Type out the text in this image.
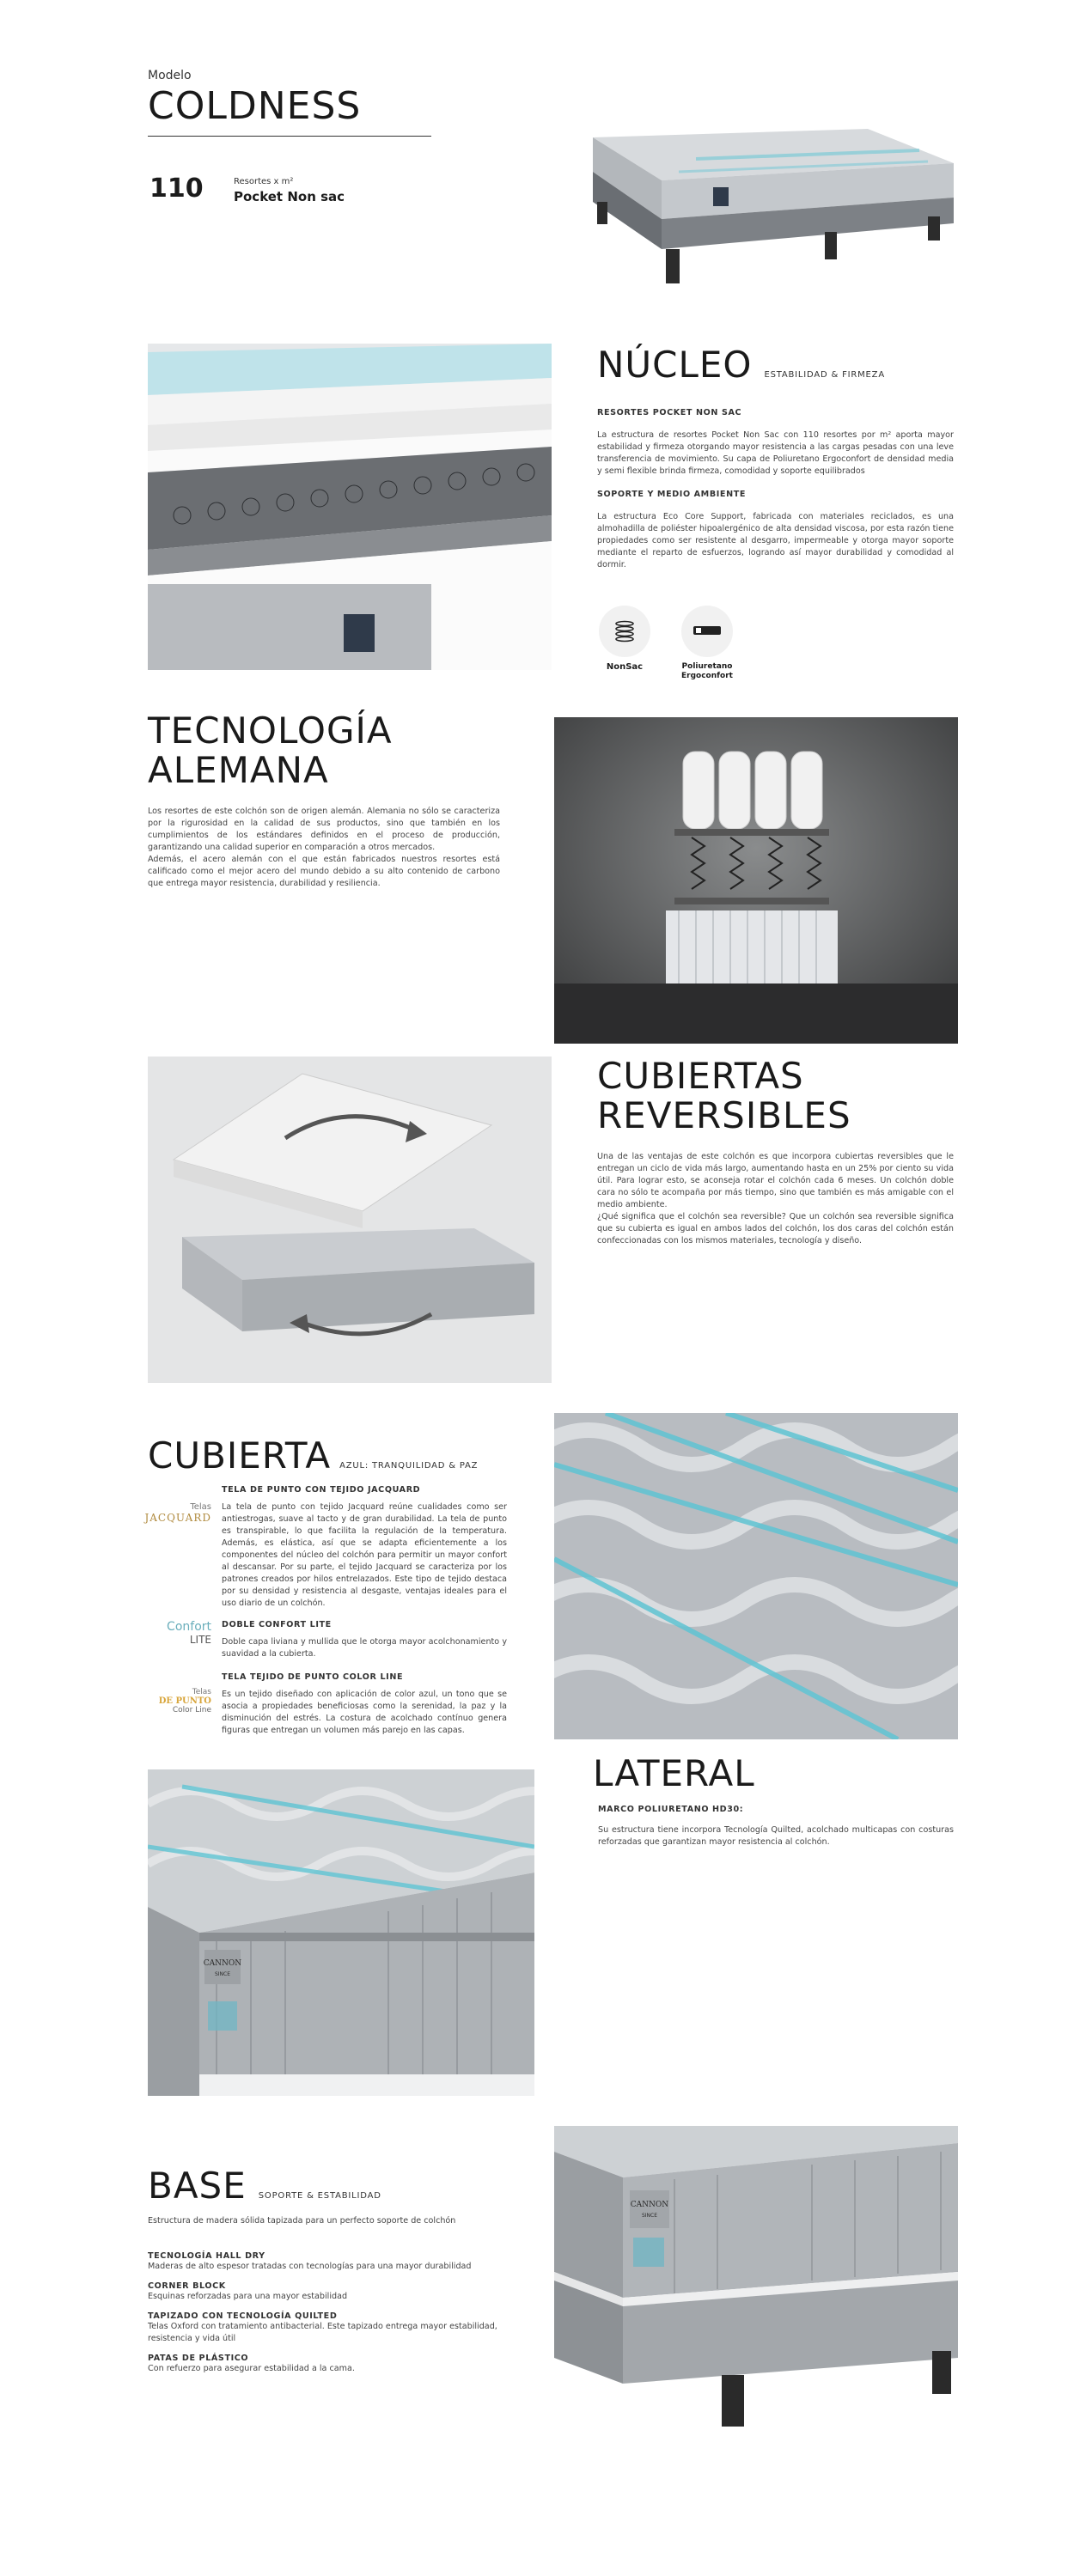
Modelo
COLDNESS
110	Resortes x m²
Pocket Non sac
NÚCLEO ESTABILIDAD & FIRMEZA
RESORTES POCKET NON SAC
La estructura de resortes Pocket Non Sac con 110 resortes por m² aporta mayor estabilidad y firmeza otorgando mayor resistencia a las cargas pesadas con una leve transferencia de movimiento. Su capa de Poliuretano Ergoconfort de densidad media y semi flexible brinda firmeza, comodidad y soporte equilibrados
SOPORTE Y MEDIO AMBIENTE
La estructura Eco Core Support, fabricada con materiales reciclados, es una almohadilla de poliéster hipoalergénico de alta densidad viscosa, por esta razón tiene propiedades como ser resistente al desgarro, impermeable y otorga mayor soporte mediante el reparto de esfuerzos, logrando así mayor durabilidad y comodidad al dormir.
NonSac	Poliuretano
Ergoconfort
TECNOLOGÍA
ALEMANA
Los resortes de este colchón son de origen alemán. Alemania no sólo se caracteriza por la rigurosidad en la calidad de sus productos, sino que también en los cumplimientos de los estándares definidos en el proceso de producción, garantizando una calidad superior en comparación a otros mercados.
Además, el acero alemán con el que están fabricados nuestros resortes está calificado como el mejor acero del mundo debido a su alto contenido de carbono que entrega mayor resistencia, durabilidad y resiliencia.
CUBIERTAS
REVERSIBLES
Una de las ventajas de este colchón es que incorpora cubiertas reversibles que le entregan un ciclo de vida más largo, aumentando hasta en un 25% por ciento su vida útil. Para lograr esto, se aconseja rotar el colchón cada 6 meses. Un colchón doble cara no sólo te acompaña por más tiempo, sino que también es más amigable con el medio ambiente.
¿Qué significa que el colchón sea reversible? Que un colchón sea reversible significa que su cubierta es igual en ambos lados del colchón, los dos caras del colchón están confeccionadas con los mismos materiales, tecnología y diseño.
CUBIERTA AZUL: TRANQUILIDAD & PAZ
Telas
JACQUARD
TELA DE PUNTO CON TEJIDO JACQUARD
La tela de punto con tejido Jacquard reúne cualidades como ser antiestrogas, suave al tacto y de gran durabilidad. La tela de punto es transpirable, lo que facilita la regulación de la temperatura. Además, es elástica, así que se adapta eficientemente a los componentes del núcleo del colchón para permitir un mayor confort al descansar. Por su parte, el tejido Jacquard se caracteriza por los patrones creados por hilos entrelazados. Este tipo de tejido destaca por su densidad y resistencia al desgaste, ventajas ideales para el uso diario de un colchón.
Confort
LITE
DOBLE CONFORT LITE
Doble capa liviana y mullida que le otorga mayor acolchonamiento y suavidad a la cubierta.
Telas
DE PUNTO
Color Line
TELA TEJIDO DE PUNTO COLOR LINE
Es un tejido diseñado con aplicación de color azul, un tono que se asocia a propiedades beneficiosas como la serenidad, la paz y la disminución del estrés. La costura de acolchado contínuo genera figuras que entregan un volumen más parejo en las capas.
CANNON
SINCE
LATERAL
MARCO POLIURETANO HD30:
Su estructura tiene incorpora Tecnología Quilted, acolchado multicapas con costuras reforzadas que garantizan mayor resistencia al colchón.
BASE SOPORTE & ESTABILIDAD
Estructura de madera sólida tapizada para un perfecto soporte de colchón
TECNOLOGÍA HALL DRY
Maderas de alto espesor tratadas con tecnologías para una mayor durabilidad
CORNER BLOCK
Esquinas reforzadas para una mayor estabilidad
TAPIZADO CON TECNOLOGÍA QUILTED
Telas Oxford con tratamiento antibacterial. Este tapizado entrega mayor estabilidad, resistencia y vida útil
PATAS DE PLÁSTICO
Con refuerzo para asegurar estabilidad a la cama.
CANNON
SINCE
